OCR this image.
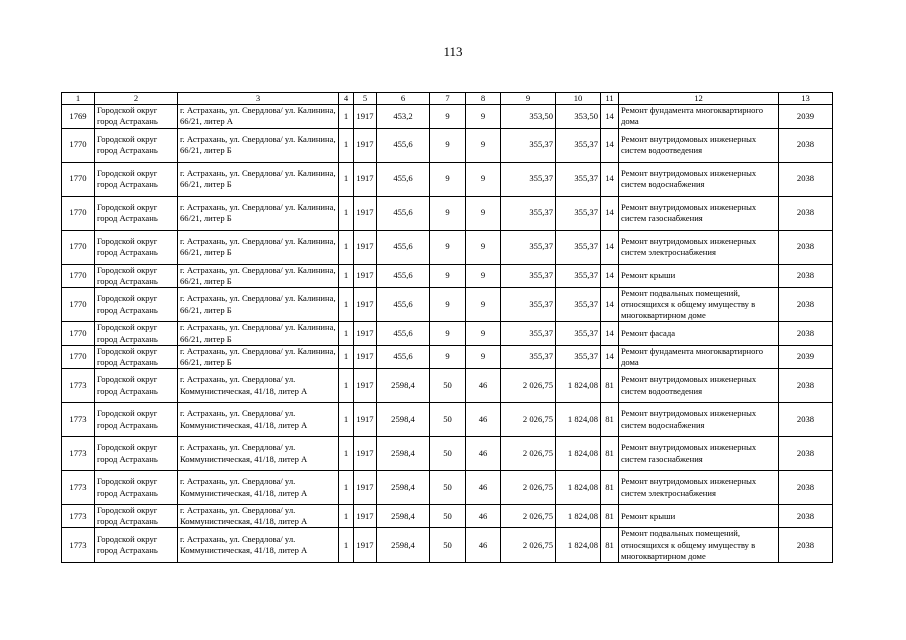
113
1	2	3	4	5	6	7	8	9	10	11	12	13
1769	Городской округ город Астрахань	г. Астрахань, ул. Свердлова/ ул. Калинина, 66/21, литер А	1	1917	453,2	9	9	353,50	353,50	14	Ремонт фундамента многоквартирного дома	2039
1770	Городской округ город Астрахань	г. Астрахань, ул. Свердлова/ ул. Калинина, 66/21, литер Б	1	1917	455,6	9	9	355,37	355,37	14	Ремонт внутридомовых инженерных систем водоотведения	2038
1770	Городской округ город Астрахань	г. Астрахань, ул. Свердлова/ ул. Калинина, 66/21, литер Б	1	1917	455,6	9	9	355,37	355,37	14	Ремонт внутридомовых инженерных систем водоснабжения	2038
1770	Городской округ город Астрахань	г. Астрахань, ул. Свердлова/ ул. Калинина, 66/21, литер Б	1	1917	455,6	9	9	355,37	355,37	14	Ремонт внутридомовых инженерных систем газоснабжения	2038
1770	Городской округ город Астрахань	г. Астрахань, ул. Свердлова/ ул. Калинина, 66/21, литер Б	1	1917	455,6	9	9	355,37	355,37	14	Ремонт внутридомовых инженерных систем электроснабжения	2038
1770	Городской округ город Астрахань	г. Астрахань, ул. Свердлова/ ул. Калинина, 66/21, литер Б	1	1917	455,6	9	9	355,37	355,37	14	Ремонт крыши	2038
1770	Городской округ город Астрахань	г. Астрахань, ул. Свердлова/ ул. Калинина, 66/21, литер Б	1	1917	455,6	9	9	355,37	355,37	14	Ремонт подвальных помещений, относящихся к общему имуществу в многоквартирном доме	2038
1770	Городской округ город Астрахань	г. Астрахань, ул. Свердлова/ ул. Калинина, 66/21, литер Б	1	1917	455,6	9	9	355,37	355,37	14	Ремонт фасада	2038
1770	Городской округ город Астрахань	г. Астрахань, ул. Свердлова/ ул. Калинина, 66/21, литер Б	1	1917	455,6	9	9	355,37	355,37	14	Ремонт фундамента многоквартирного дома	2039
1773	Городской округ город Астрахань	г. Астрахань, ул. Свердлова/ ул. Коммунистическая, 41/18, литер А	1	1917	2598,4	50	46	2 026,75	1 824,08	81	Ремонт внутридомовых инженерных систем водоотведения	2038
1773	Городской округ город Астрахань	г. Астрахань, ул. Свердлова/ ул. Коммунистическая, 41/18, литер А	1	1917	2598,4	50	46	2 026,75	1 824,08	81	Ремонт внутридомовых инженерных систем водоснабжения	2038
1773	Городской округ город Астрахань	г. Астрахань, ул. Свердлова/ ул. Коммунистическая, 41/18, литер А	1	1917	2598,4	50	46	2 026,75	1 824,08	81	Ремонт внутридомовых инженерных систем газоснабжения	2038
1773	Городской округ город Астрахань	г. Астрахань, ул. Свердлова/ ул. Коммунистическая, 41/18, литер А	1	1917	2598,4	50	46	2 026,75	1 824,08	81	Ремонт внутридомовых инженерных систем электроснабжения	2038
1773	Городской округ город Астрахань	г. Астрахань, ул. Свердлова/ ул. Коммунистическая, 41/18, литер А	1	1917	2598,4	50	46	2 026,75	1 824,08	81	Ремонт крыши	2038
1773	Городской округ город Астрахань	г. Астрахань, ул. Свердлова/ ул. Коммунистическая, 41/18, литер А	1	1917	2598,4	50	46	2 026,75	1 824,08	81	Ремонт подвальных помещений, относящихся к общему имуществу в многоквартирном доме	2038
